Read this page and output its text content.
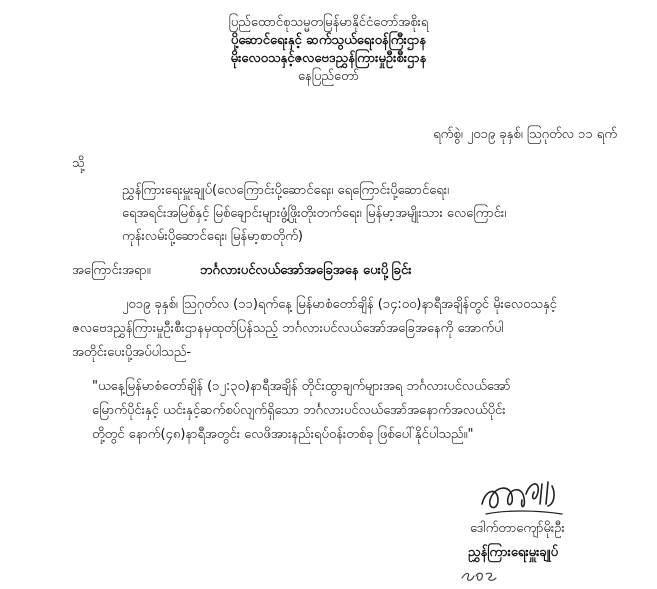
ပြည်ထောင်စုသမ္မတမြန်မာနိုင်ငံတော်အစိုးရ
ပို့ဆောင်ရေးနှင့် ဆက်သွယ်ရေးဝန်ကြီးဌာန
မိုးလေဝသနှင့်ဇလဗေဒညွှန်ကြားမှုဦးစီးဌာန
နေပြည်တော်
ရက်စွဲ၊ ၂၀၁၉ ခုနှစ်၊ ဩဂုတ်လ ၁၁ ရက်
သို့
ညွှန်ကြားရေးမှူးချုပ်(လေကြောင်းပို့ဆောင်ရေး၊ ရေကြောင်းပို့ဆောင်ရေး၊
ရေအရင်းအမြစ်နှင့် မြစ်ချောင်းများဖွံ့ဖြိုးတိုးတက်ရေး၊ မြန်မာ့အမျိုးသား လေကြောင်း၊
ကုန်းလမ်းပို့ဆောင်ရေး၊ မြန်မာ့စာတိုက်)
အကြောင်းအရာ။	ဘင်္ဂလားပင်လယ်အော်အခြေအနေ ပေးပို့ခြင်း
၂၀၁၉ ခုနှစ်၊ ဩဂုတ်လ (၁၁)ရက်နေ့ မြန်မာစံတော်ချိန် (၁၄:၀၀)နာရီအချိန်တွင် မိုးလေဝသနှင့်
ဇလဗေဒညွှန်ကြားမှုဦးစီးဌာနမှထုတ်ပြန်သည့် ဘင်္ဂလားပင်လယ်အော်အခြေအနေကို အောက်ပါ
အတိုင်းပေးပို့အပ်ပါသည်-
"ယနေ့မြန်မာစံတော်ချိန် (၁၂:၃၀)နာရီအချိန် တိုင်းထွာချက်များအရ ဘင်္ဂလားပင်လယ်အော်
မြောက်ပိုင်းနှင့် ယင်းနှင့်ဆက်စပ်လျက်ရှိသော ဘင်္ဂလားပင်လယ်အော်အနောက်အလယ်ပိုင်း
တို့တွင် နောက်(၄၈)နာရီအတွင်း လေဖိအားနည်းရပ်ဝန်းတစ်ခု ဖြစ်ပေါ်နိုင်ပါသည်။"
ဒေါက်တာကျော်မိုးဦး
ညွှန်ကြားရေးမှူးချုပ်
